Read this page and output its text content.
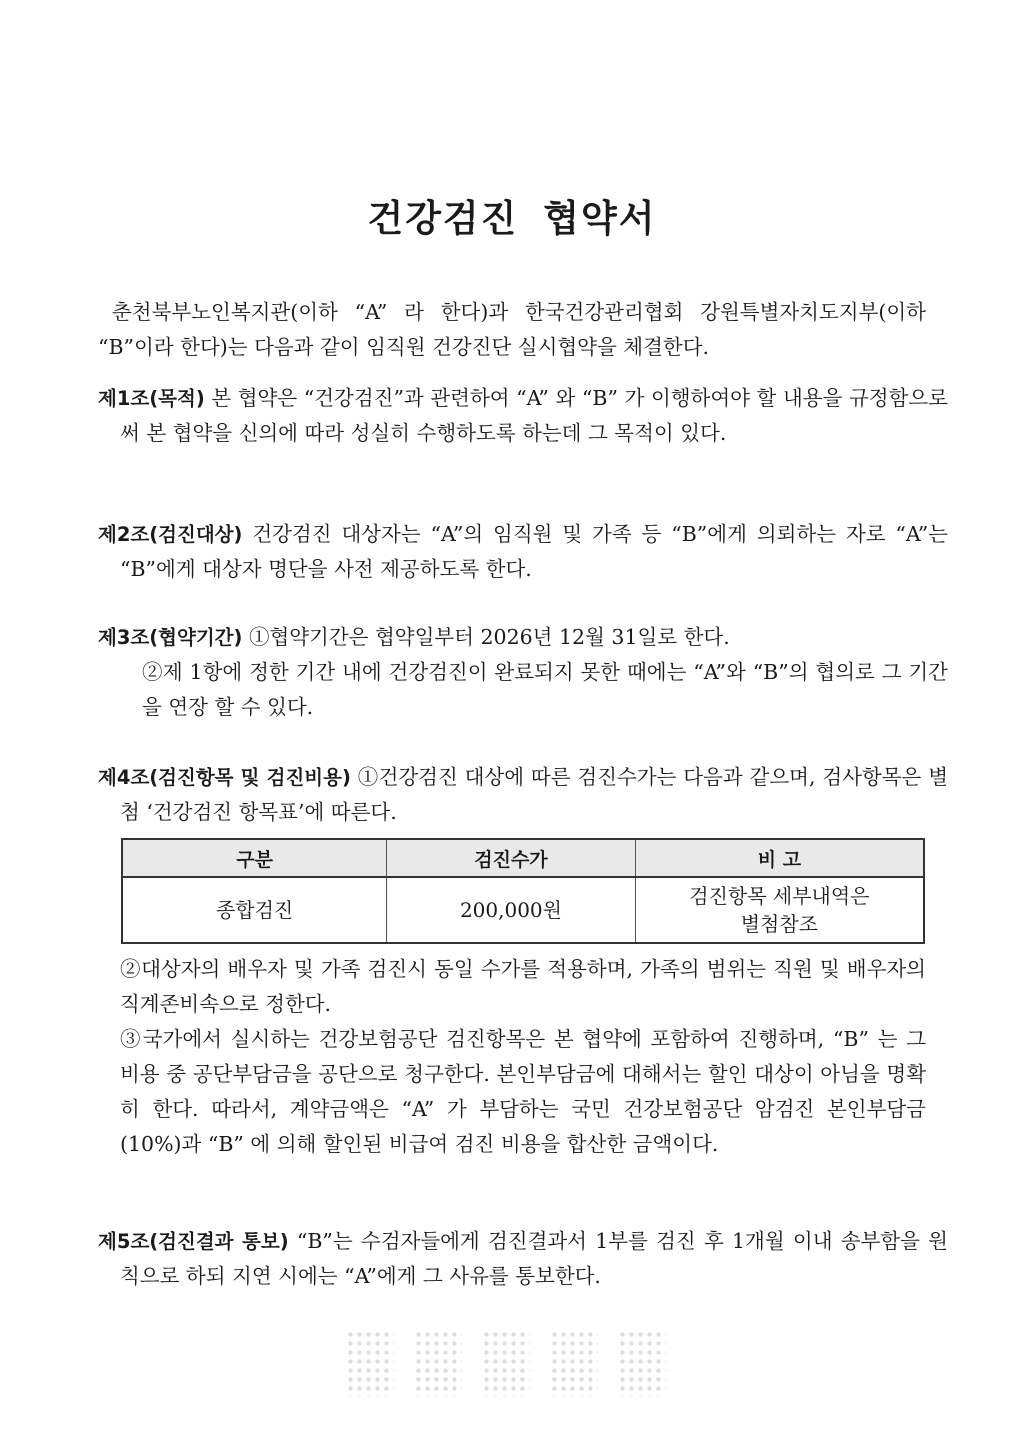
건강검진 협약서

춘천북부노인복지관(이하 “A” 라 한다)과 한국건강관리협회 강원특별자치도지부(이하 “B”이라 한다)는 다음과 같이 임직원 건강진단 실시협약을 체결한다.

제1조(목적) 본 협약은 “건강검진”과 관련하여 “A” 와 “B” 가 이행하여야 할 내용을 규정함으로써 본 협약을 신의에 따라 성실히 수행하도록 하는데 그 목적이 있다.
제2조(검진대상) 건강검진 대상자는 “A”의 임직원 및 가족 등 “B”에게 의뢰하는 자로 “A”는 “B”에게 대상자 명단을 사전 제공하도록 한다.
제3조(협약기간) ①협약기간은 협약일부터 2026년 12월 31일로 한다.

②제 1항에 정한 기간 내에 건강검진이 완료되지 못한 때에는 “A”와 “B”의 협의로 그 기간을 연장 할 수 있다.

제4조(검진항목 및 검진비용) ①건강검진 대상에 따른 검진수가는 다음과 같으며, 검사항목은 별첨 ‘건강검진 항목표’에 따른다.
구분	검진수가	비 고
종합검진	200,000원	검진항목 세부내역은
별첨참조

②대상자의 배우자 및 가족 검진시 동일 수가를 적용하며, 가족의 범위는 직원 및 배우자의 직계존비속으로 정한다.

③국가에서 실시하는 건강보험공단 검진항목은 본 협약에 포함하여 진행하며, “B” 는 그 비용 중 공단부담금을 공단으로 청구한다. 본인부담금에 대해서는 할인 대상이 아님을 명확히 한다. 따라서, 계약금액은 “A” 가 부담하는 국민 건강보험공단 암검진 본인부담금(10%)과 “B” 에 의해 할인된 비급여 검진 비용을 합산한 금액이다.

제5조(검진결과 통보) “B”는 수검자들에게 검진결과서 1부를 검진 후 1개월 이내 송부함을 원칙으로 하되 지연 시에는 “A”에게 그 사유를 통보한다.
